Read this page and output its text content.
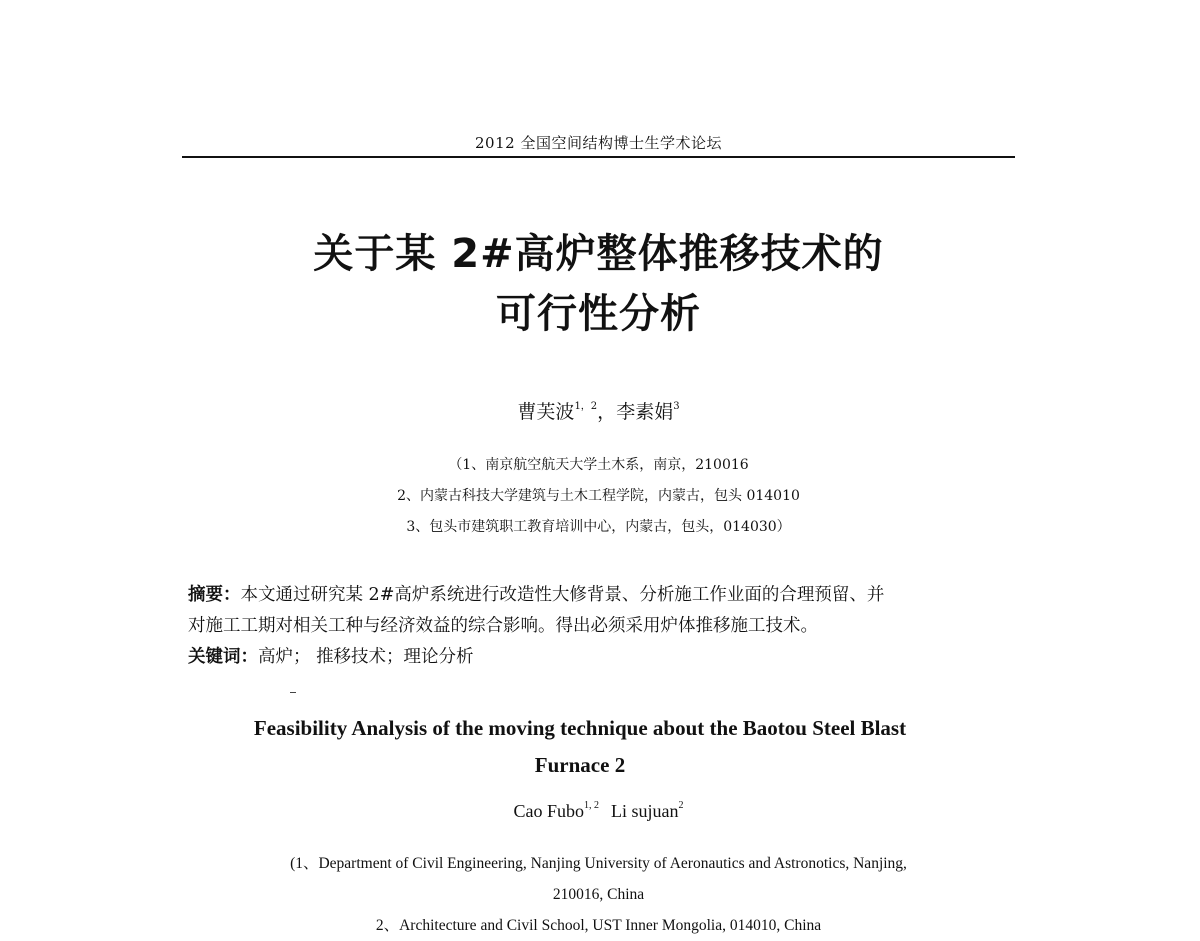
2012 全国空间结构博士生学术论坛
关于某 2#高炉整体推移技术的
可行性分析
曹芙波$^{1,2}$，李素娟$^3$
（1、南京航空航天大学土木系，南京，210016
2、内蒙古科技大学建筑与土木工程学院，内蒙古，包头 014010
3、包头市建筑职工教育培训中心，内蒙古，包头，014030）
摘要：本文通过研究某 2#高炉系统进行改造性大修背景、分析施工作业面的合理预留、并
对施工工期对相关工种与经济效益的综合影响。得出必须采用炉体推移施工技术。
关键词：高炉； 推移技术；理论分析
Feasibility Analysis of the moving technique about the Baotou Steel Blast
Furnace 2
Cao Fubo$^{1, 2}$ Li sujuan$^2$
(1、Department of Civil Engineering, Nanjing University of Aeronautics and Astronotics, Nanjing,
210016, China
2、Architecture and Civil School, UST Inner Mongolia, 014010, China
